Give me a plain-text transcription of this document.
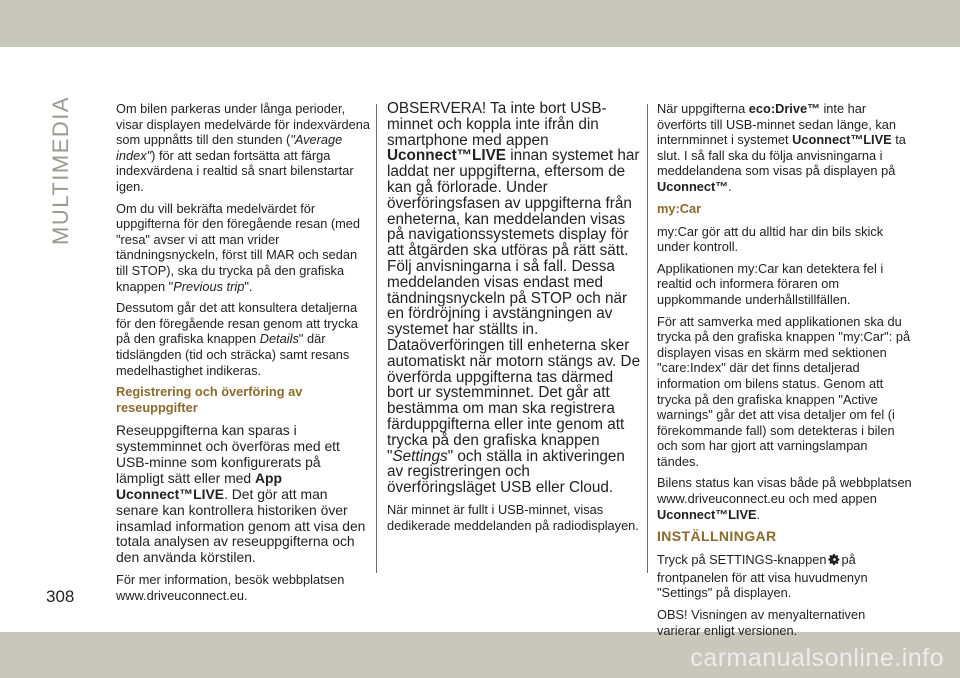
MULTIMEDIA
308

Om bilen parkeras under långa perioder, visar displayen medelvärde för indexvärdena som uppnåtts till den stunden ("Average index") för att sedan fortsätta att färga indexvärdena i realtid så snart bilenstartar igen.

Om du vill bekräfta medelvärdet för uppgifterna för den föregående resan (med "resa" avser vi att man vrider tändningsnyckeln, först till MAR och sedan till STOP), ska du trycka på den grafiska knappen "Previous trip".

Dessutom går det att konsultera detaljerna för den föregående resan genom att trycka på den grafiska knappen Details" där tidslängden (tid och sträcka) samt resans medelhastighet indikeras.

Registrering och överföring av reseuppgifter

Reseuppgifterna kan sparas i systemminnet och överföras med ett USB-minne som konfigurerats på lämpligt sätt eller med App Uconnect™LIVE. Det gör att man senare kan kontrollera historiken över insamlad information genom att visa den totala analysen av reseuppgifterna och den använda körstilen.

För mer information, besök webbplatsen www.driveuconnect.eu.

OBSERVERA! Ta inte bort USB-minnet och koppla inte ifrån din smartphone med appen Uconnect™LIVE innan systemet har laddat ner uppgifterna, eftersom de kan gå förlorade. Under överföringsfasen av uppgifterna från enheterna, kan meddelanden visas på navigationssystemets display för att åtgärden ska utföras på rätt sätt. Följ anvisningarna i så fall. Dessa meddelanden visas endast med tändningsnyckeln på STOP och när en fördröjning i avstängningen av systemet har ställts in.

Dataöverföringen till enheterna sker automatiskt när motorn stängs av. De överförda uppgifterna tas därmed bort ur systemminnet. Det går att bestämma om man ska registrera färduppgifterna eller inte genom att trycka på den grafiska knappen "Settings" och ställa in aktiveringen av registreringen och överföringsläget USB eller Cloud.

När minnet är fullt i USB-minnet, visas dedikerade meddelanden på radiodisplayen.

När uppgifterna eco:Drive™ inte har överförts till USB-minnet sedan länge, kan internminnet i systemet Uconnect™LIVE ta slut. I så fall ska du följa anvisningarna i meddelandena som visas på displayen på Uconnect™.

my:Car

my:Car gör att du alltid har din bils skick under kontroll.

Applikationen my:Car kan detektera fel i realtid och informera föraren om uppkommande underhållstillfällen.

För att samverka med applikationen ska du trycka på den grafiska knappen "my:Car": på displayen visas en skärm med sektionen "care:Index" där det finns detaljerad information om bilens status. Genom att trycka på den grafiska knappen "Active warnings" går det att visa detaljer om fel (i förekommande fall) som detekteras i bilen och som har gjort att varningslampan tändes.

Bilens status kan visas både på webbplatsen www.driveuconnect.eu och med appen Uconnect™LIVE.

INSTÄLLNINGAR

Tryck på SETTINGS-knappen på frontpanelen för att visa huvudmenyn "Settings" på displayen.

OBS! Visningen av menyalternativen varierar enligt versionen.

carmanualsonline.info
